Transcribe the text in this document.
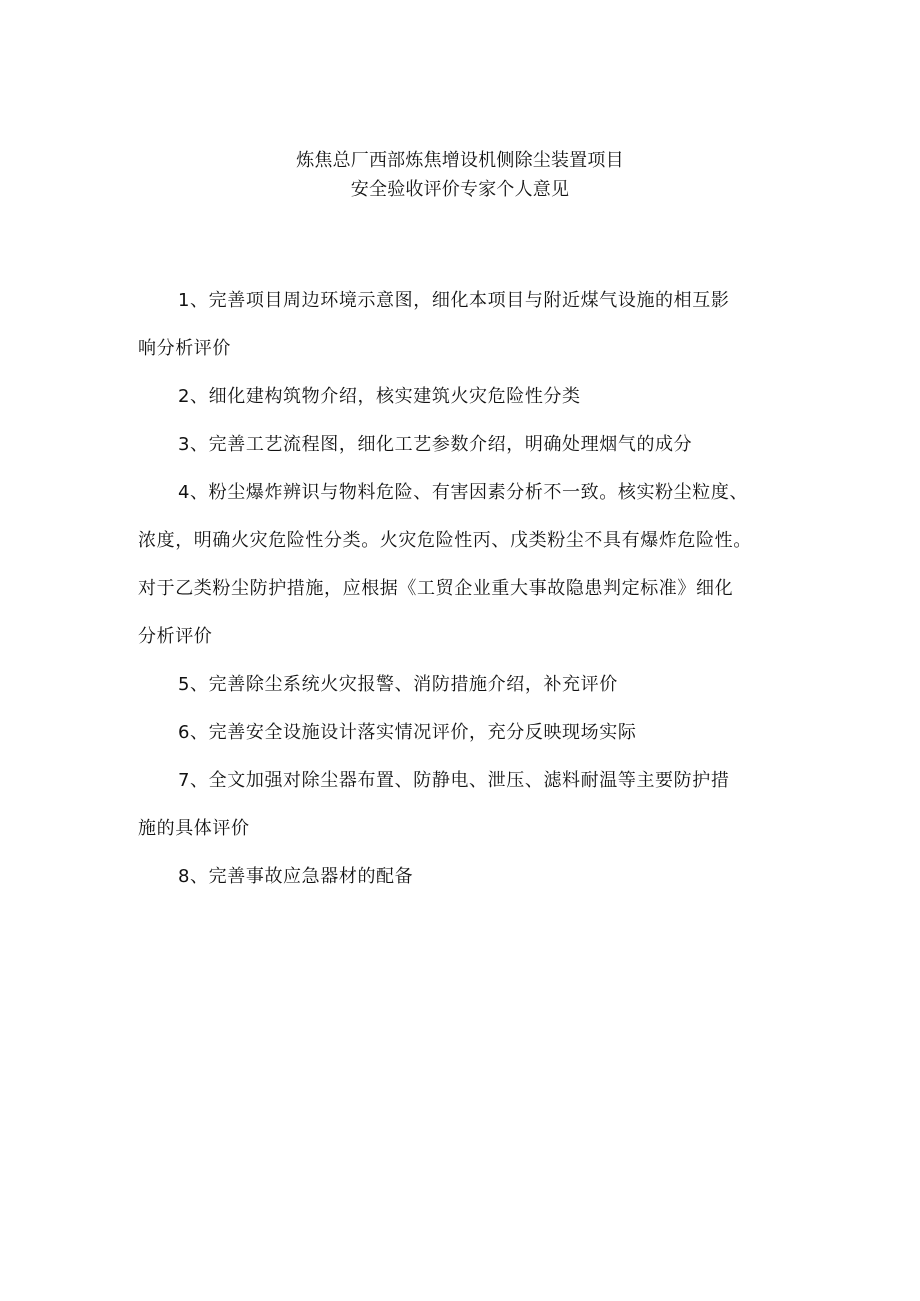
炼焦总厂西部炼焦增设机侧除尘装置项目
安全验收评价专家个人意见

1、完善项目周边环境示意图，细化本项目与附近煤气设施的相互影
响分析评价

2、细化建构筑物介绍，核实建筑火灾危险性分类

3、完善工艺流程图，细化工艺参数介绍，明确处理烟气的成分

4、粉尘爆炸辨识与物料危险、有害因素分析不一致。核实粉尘粒度、
浓度，明确火灾危险性分类。火灾危险性丙、戊类粉尘不具有爆炸危险性。
对于乙类粉尘防护措施，应根据《工贸企业重大事故隐患判定标准》细化
分析评价

5、完善除尘系统火灾报警、消防措施介绍，补充评价

6、完善安全设施设计落实情况评价，充分反映现场实际

7、全文加强对除尘器布置、防静电、泄压、滤料耐温等主要防护措
施的具体评价

8、完善事故应急器材的配备
